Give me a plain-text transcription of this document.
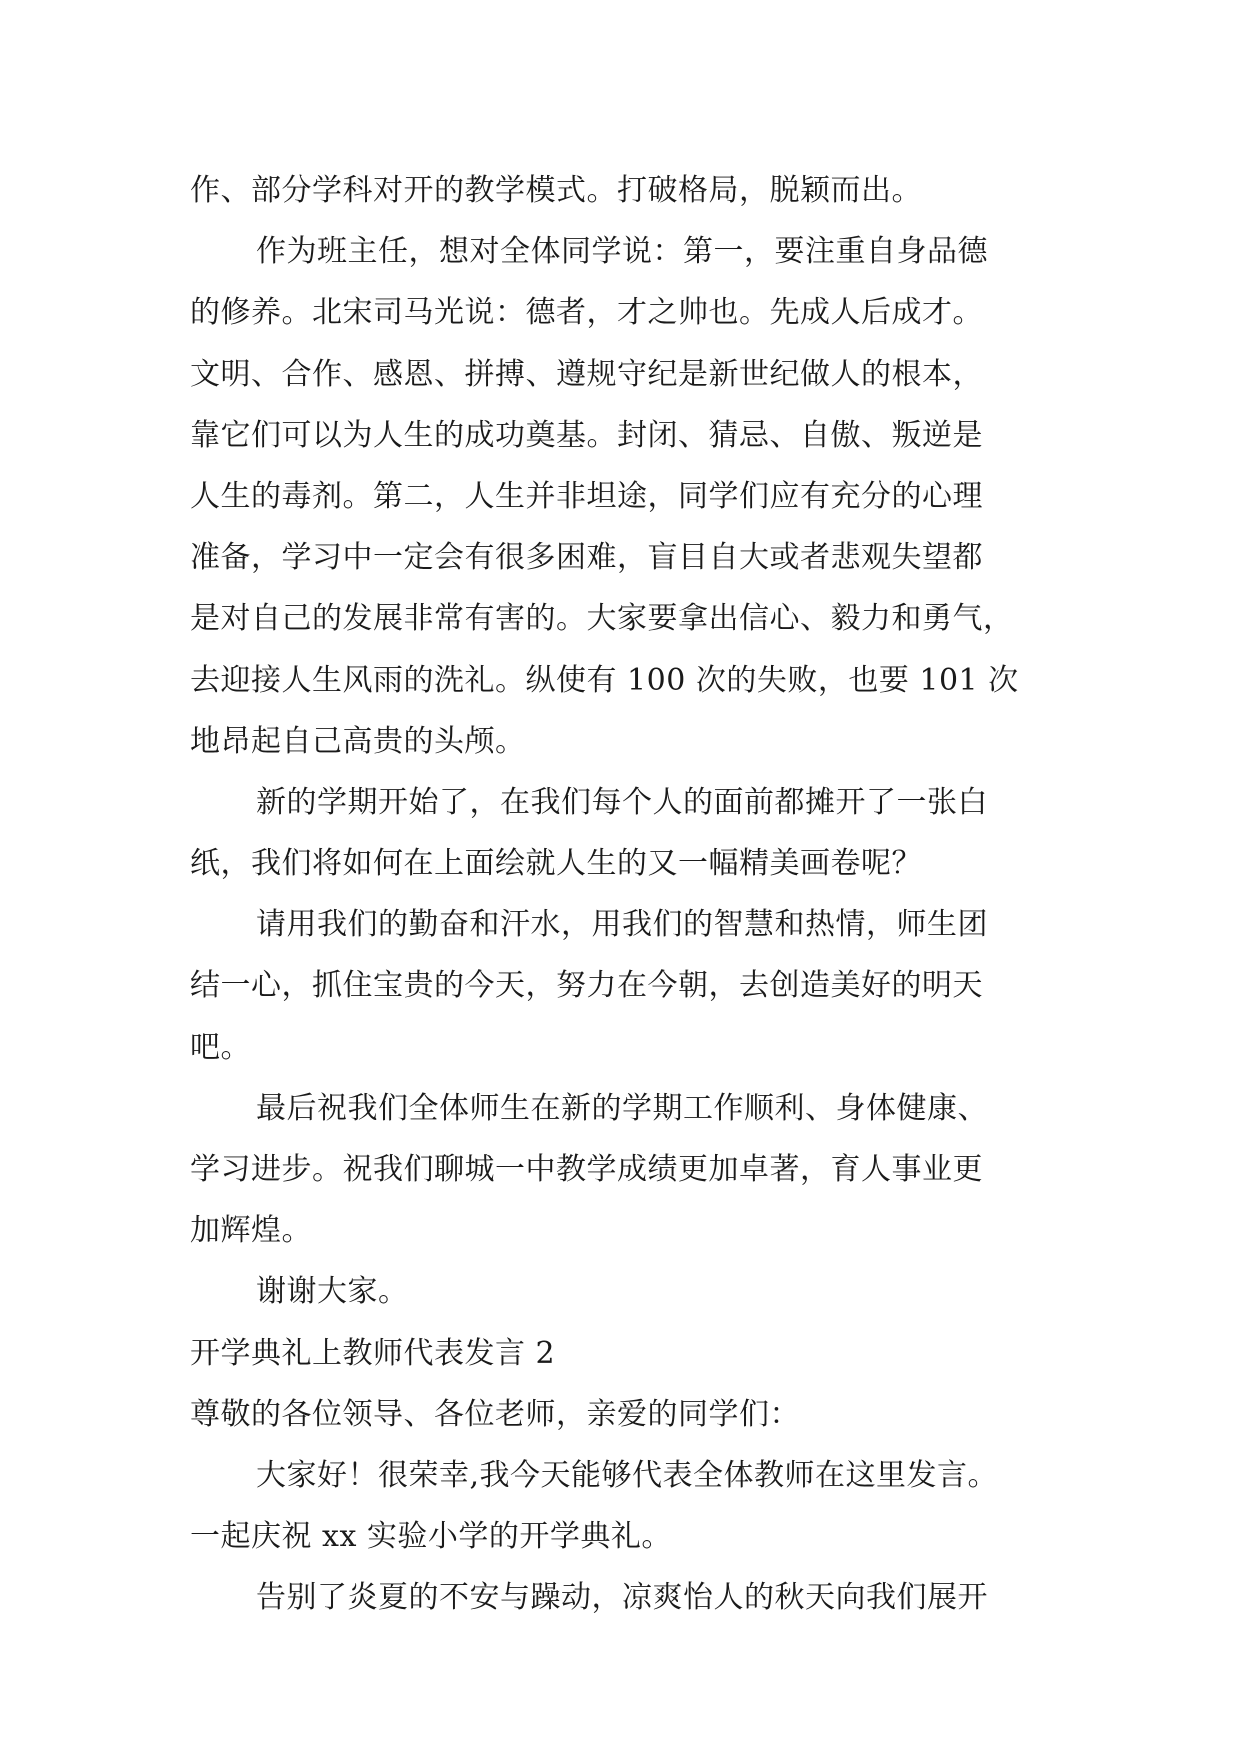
作、部分学科对开的教学模式。打破格局，脱颖而出。
作为班主任，想对全体同学说：第一，要注重自身品德
的修养。北宋司马光说：德者，才之帅也。先成人后成才。
文明、合作、感恩、拼搏、遵规守纪是新世纪做人的根本，
靠它们可以为人生的成功奠基。封闭、猜忌、自傲、叛逆是
人生的毒剂。第二，人生并非坦途，同学们应有充分的心理
准备，学习中一定会有很多困难，盲目自大或者悲观失望都
是对自己的发展非常有害的。大家要拿出信心、毅力和勇气，
去迎接人生风雨的洗礼。纵使有 100 次的失败，也要 101 次
地昂起自己高贵的头颅。
新的学期开始了，在我们每个人的面前都摊开了一张白
纸，我们将如何在上面绘就人生的又一幅精美画卷呢？
请用我们的勤奋和汗水，用我们的智慧和热情，师生团
结一心，抓住宝贵的今天，努力在今朝，去创造美好的明天
吧。
最后祝我们全体师生在新的学期工作顺利、身体健康、
学习进步。祝我们聊城一中教学成绩更加卓著，育人事业更
加辉煌。
谢谢大家。
开学典礼上教师代表发言 2
尊敬的各位领导、各位老师，亲爱的同学们：
大家好！很荣幸,我今天能够代表全体教师在这里发言。
一起庆祝 xx 实验小学的开学典礼。
告别了炎夏的不安与躁动，凉爽怡人的秋天向我们展开
